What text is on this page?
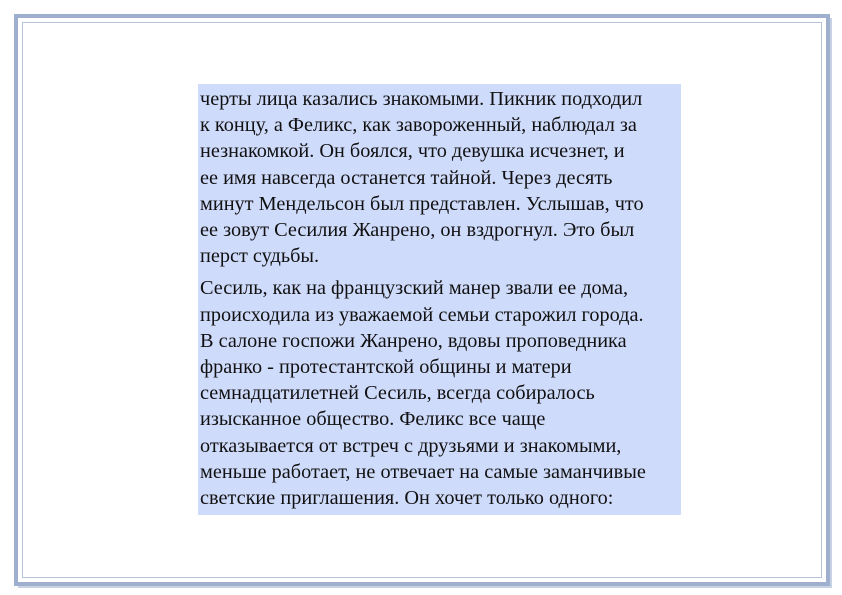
черты лица казались знакомыми. Пикник подходил
к концу, а Феликс, как завороженный, наблюдал за
незнакомкой. Он боялся, что девушка исчезнет, и
ее имя навсегда останется тайной. Через десять
минут Мендельсон был представлен. Услышав, что
ее зовут Сесилия Жанрено, он вздрогнул. Это был
перст судьбы.

Сесиль, как на французский манер звали ее дома,
происходила из уважаемой семьи старожил города.
В салоне госпожи Жанрено, вдовы проповедника
франко - протестантской общины и матери
семнадцатилетней Сесиль, всегда собиралось
изысканное общество. Феликс все чаще
отказывается от встреч с друзьями и знакомыми,
меньше работает, не отвечает на самые заманчивые
светские приглашения. Он хочет только одного:
